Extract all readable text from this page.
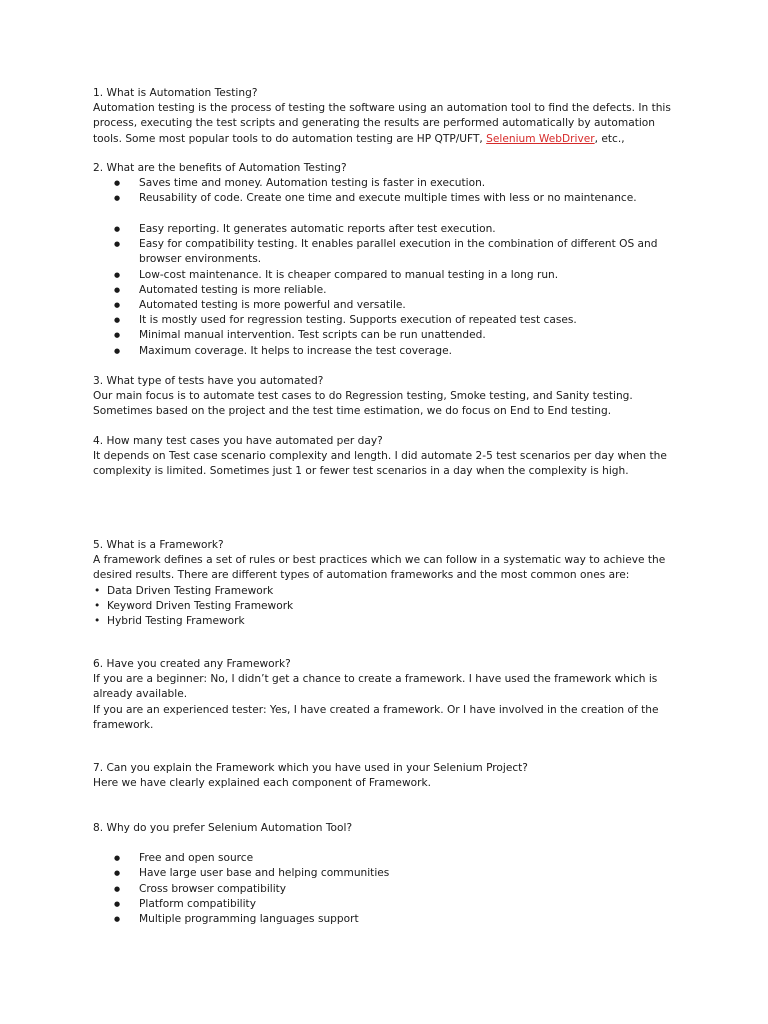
1. What is Automation Testing?

Automation testing is the process of testing the software using an automation tool to find the defects. In this

process, executing the test scripts and generating the results are performed automatically by automation

tools. Some most popular tools to do automation testing are HP QTP/UFT, Selenium WebDriver, etc.,

2. What are the benefits of Automation Testing?

● Saves time and money. Automation testing is faster in execution.
● Reusability of code. Create one time and execute multiple times with less or no maintenance.
● Easy reporting. It generates automatic reports after test execution.
● Easy for compatibility testing. It enables parallel execution in the combination of different OS and
browser environments.
● Low-cost maintenance. It is cheaper compared to manual testing in a long run.
● Automated testing is more reliable.
● Automated testing is more powerful and versatile.
● It is mostly used for regression testing. Supports execution of repeated test cases.
● Minimal manual intervention. Test scripts can be run unattended.
● Maximum coverage. It helps to increase the test coverage.

3. What type of tests have you automated?

Our main focus is to automate test cases to do Regression testing, Smoke testing, and Sanity testing.

Sometimes based on the project and the test time estimation, we do focus on End to End testing.

4. How many test cases you have automated per day?

It depends on Test case scenario complexity and length. I did automate 2-5 test scenarios per day when the

complexity is limited. Sometimes just 1 or fewer test scenarios in a day when the complexity is high.

5. What is a Framework?

A framework defines a set of rules or best practices which we can follow in a systematic way to achieve the

desired results. There are different types of automation frameworks and the most common ones are:

• Data Driven Testing Framework
• Keyword Driven Testing Framework
• Hybrid Testing Framework

6. Have you created any Framework?

If you are a beginner: No, I didn’t get a chance to create a framework. I have used the framework which is

already available.

If you are an experienced tester: Yes, I have created a framework. Or I have involved in the creation of the

framework.

7. Can you explain the Framework which you have used in your Selenium Project?

Here we have clearly explained each component of Framework.

8. Why do you prefer Selenium Automation Tool?

● Free and open source
● Have large user base and helping communities
● Cross browser compatibility
● Platform compatibility
● Multiple programming languages support
